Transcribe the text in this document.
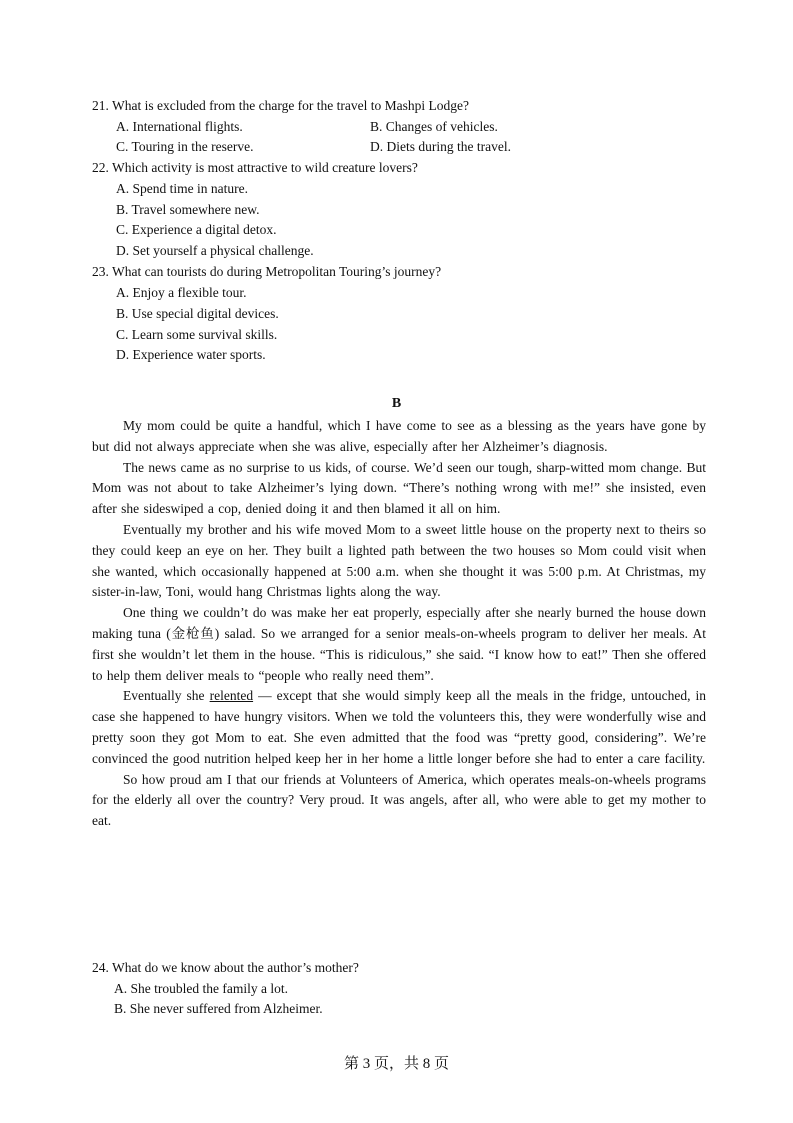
21. What is excluded from the charge for the travel to Mashpi Lodge?
A. International flights.	B. Changes of vehicles.
C. Touring in the reserve.	D. Diets during the travel.
22. Which activity is most attractive to wild creature lovers?
A. Spend time in nature.
B. Travel somewhere new.
C. Experience a digital detox.
D. Set yourself a physical challenge.
23. What can tourists do during Metropolitan Touring’s journey?
A. Enjoy a flexible tour.
B. Use special digital devices.
C. Learn some survival skills.
D. Experience water sports.
B

My mom could be quite a handful, which I have come to see as a blessing as the years have gone by but did not always appreciate when she was alive, especially after her Alzheimer’s diagnosis.

The news came as no surprise to us kids, of course. We’d seen our tough, sharp-witted mom change. But Mom was not about to take Alzheimer’s lying down. “There’s nothing wrong with me!” she insisted, even after she sideswiped a cop, denied doing it and then blamed it all on him.

Eventually my brother and his wife moved Mom to a sweet little house on the property next to theirs so they could keep an eye on her. They built a lighted path between the two houses so Mom could visit when she wanted, which occasionally happened at 5:00 a.m. when she thought it was 5:00 p.m. At Christmas, my sister-in-law, Toni, would hang Christmas lights along the way.

One thing we couldn’t do was make her eat properly, especially after she nearly burned the house down making tuna (金枪鱼) salad. So we arranged for a senior meals-on-wheels program to deliver her meals. At first she wouldn’t let them in the house. “This is ridiculous,” she said. “I know how to eat!” Then she offered to help them deliver meals to “people who really need them”.

Eventually she relented — except that she would simply keep all the meals in the fridge, untouched, in case she happened to have hungry visitors. When we told the volunteers this, they were wonderfully wise and pretty soon they got Mom to eat. She even admitted that the food was “pretty good, considering”. We’re convinced the good nutrition helped keep her in her home a little longer before she had to enter a care facility.

So how proud am I that our friends at Volunteers of America, which operates meals-on-wheels programs for the elderly all over the country? Very proud. It was angels, after all, who were able to get my mother to eat.

24. What do we know about the author’s mother?
A. She troubled the family a lot.
B. She never suffered from Alzheimer.
第 3 页，共 8 页
